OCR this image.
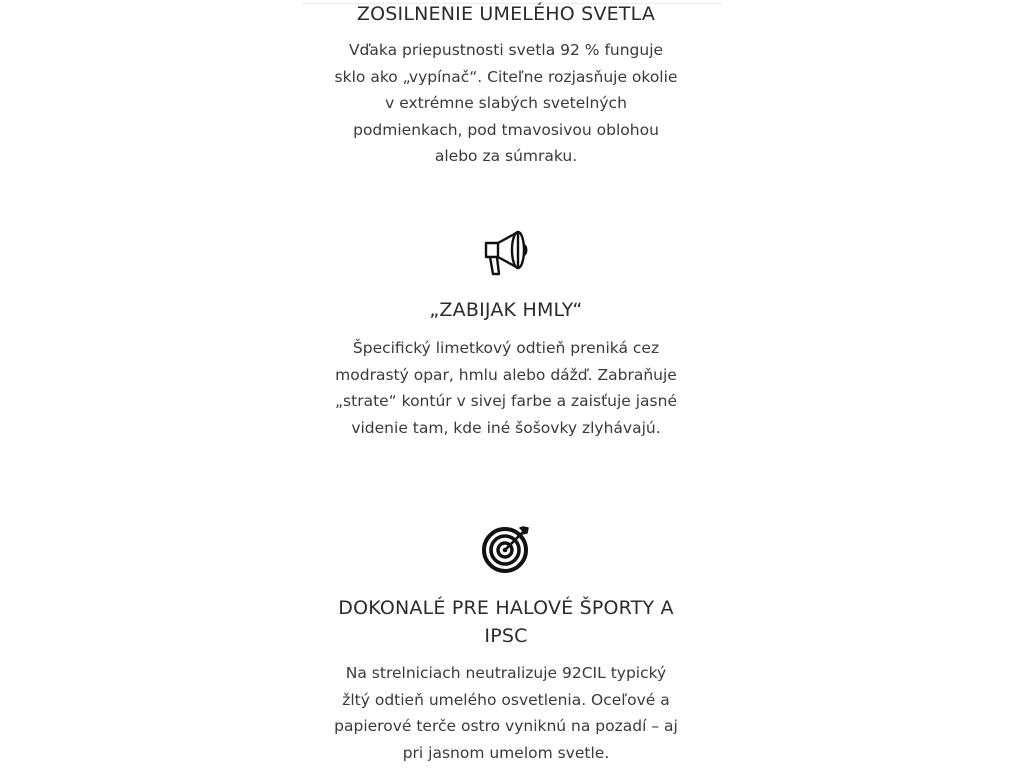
ZOSILNENIE UMELÉHO SVETLA

Vďaka priepustnosti svetla 92 % funguje sklo ako „vypínač“. Citeľne rozjasňuje okolie v extrémne slabých svetelných podmienkach, pod tmavosivou oblohou alebo za súmraku.

„ZABIJAK HMLY“

Špecifický limetkový odtieň preniká cez modrastý opar, hmlu alebo dážď. Zabraňuje „strate“ kontúr v sivej farbe a zaisťuje jasné videnie tam, kde iné šošovky zlyhávajú.

DOKONALÉ PRE HALOVÉ ŠPORTY A IPSC

Na strelniciach neutralizuje 92CIL typický žltý odtieň umelého osvetlenia. Oceľové a papierové terče ostro vyniknú na pozadí – aj pri jasnom umelom svetle.
